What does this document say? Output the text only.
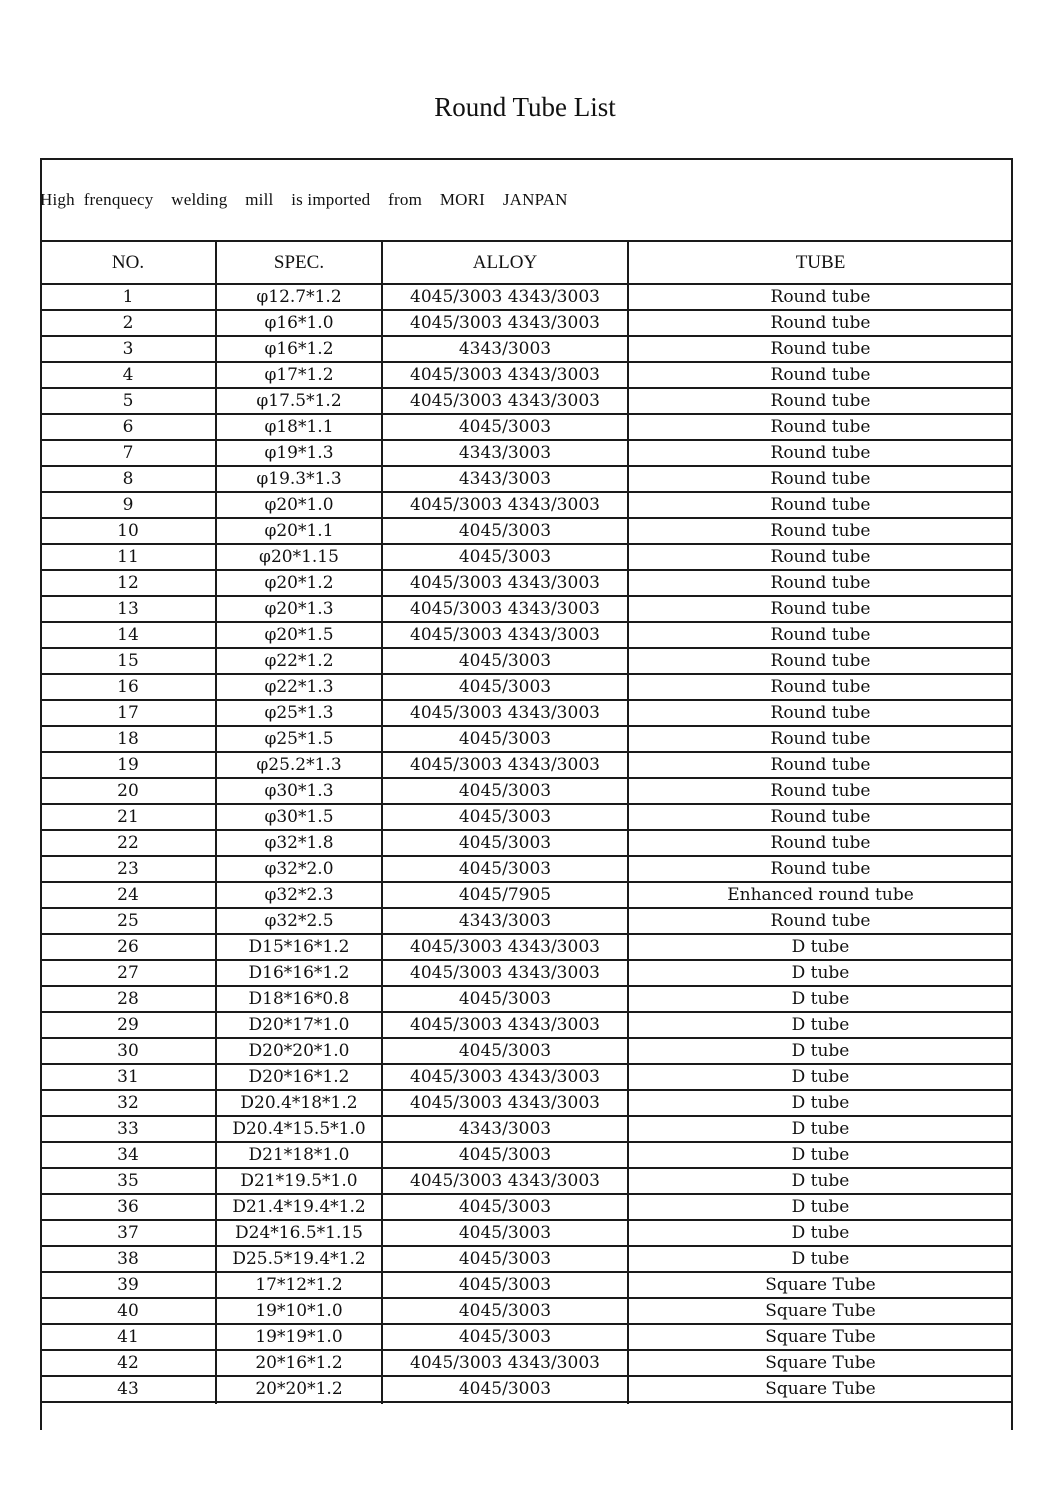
Round Tube List
High  frenquecy    welding    mill    is imported    from    MORI    JANPAN
NO.	SPEC.	ALLOY	TUBE
1	φ12.7*1.2	4045/3003 4343/3003	Round tube
2	φ16*1.0	4045/3003 4343/3003	Round tube
3	φ16*1.2	4343/3003	Round tube
4	φ17*1.2	4045/3003 4343/3003	Round tube
5	φ17.5*1.2	4045/3003 4343/3003	Round tube
6	φ18*1.1	4045/3003	Round tube
7	φ19*1.3	4343/3003	Round tube
8	φ19.3*1.3	4343/3003	Round tube
9	φ20*1.0	4045/3003 4343/3003	Round tube
10	φ20*1.1	4045/3003	Round tube
11	φ20*1.15	4045/3003	Round tube
12	φ20*1.2	4045/3003 4343/3003	Round tube
13	φ20*1.3	4045/3003 4343/3003	Round tube
14	φ20*1.5	4045/3003 4343/3003	Round tube
15	φ22*1.2	4045/3003	Round tube
16	φ22*1.3	4045/3003	Round tube
17	φ25*1.3	4045/3003 4343/3003	Round tube
18	φ25*1.5	4045/3003	Round tube
19	φ25.2*1.3	4045/3003 4343/3003	Round tube
20	φ30*1.3	4045/3003	Round tube
21	φ30*1.5	4045/3003	Round tube
22	φ32*1.8	4045/3003	Round tube
23	φ32*2.0	4045/3003	Round tube
24	φ32*2.3	4045/7905	Enhanced round tube
25	φ32*2.5	4343/3003	Round tube
26	D15*16*1.2	4045/3003 4343/3003	D tube
27	D16*16*1.2	4045/3003 4343/3003	D tube
28	D18*16*0.8	4045/3003	D tube
29	D20*17*1.0	4045/3003 4343/3003	D tube
30	D20*20*1.0	4045/3003	D tube
31	D20*16*1.2	4045/3003 4343/3003	D tube
32	D20.4*18*1.2	4045/3003 4343/3003	D tube
33	D20.4*15.5*1.0	4343/3003	D tube
34	D21*18*1.0	4045/3003	D tube
35	D21*19.5*1.0	4045/3003 4343/3003	D tube
36	D21.4*19.4*1.2	4045/3003	D tube
37	D24*16.5*1.15	4045/3003	D tube
38	D25.5*19.4*1.2	4045/3003	D tube
39	17*12*1.2	4045/3003	Square Tube
40	19*10*1.0	4045/3003	Square Tube
41	19*19*1.0	4045/3003	Square Tube
42	20*16*1.2	4045/3003 4343/3003	Square Tube
43	20*20*1.2	4045/3003	Square Tube
